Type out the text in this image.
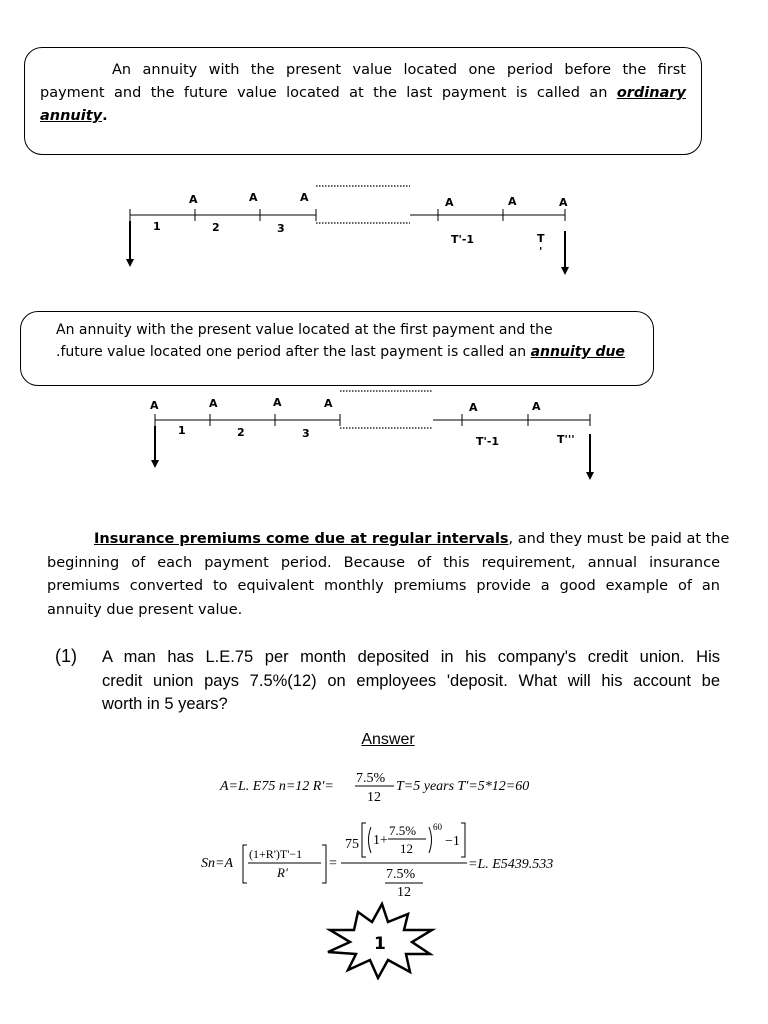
An annuity with the present value located one period before the first
payment and the future value located at the last payment is called an ordinary
annuity.
A	A	A	A	A	A
1	2	3
T'-1	T
'
An annuity with the present value located at the first payment and the
.future value located one period after the last payment is called an annuity due
A	A	A	A	A	A
1	2	3
T'-1	T'''
Insurance premiums come due at regular intervals, and they must be paid at the
beginning of each payment period. Because of this requirement, annual insurance
premiums converted to equivalent monthly premiums provide a good example of an
annuity due present value.
(1) A man has L.E.75 per month deposited in his company's credit union. His
credit union pays 7.5%(12) on employees 'deposit. What will his account be
worth in 5 years?
Answer
A=L. E75 n=12 R'=
7.5%
12
T=5 years T'=5*12=60
Sn=A
(1+R')T'−1
R'
=
75 1+
7.5%
12
60
−1
7.5%
12
=L. E5439.533
1
